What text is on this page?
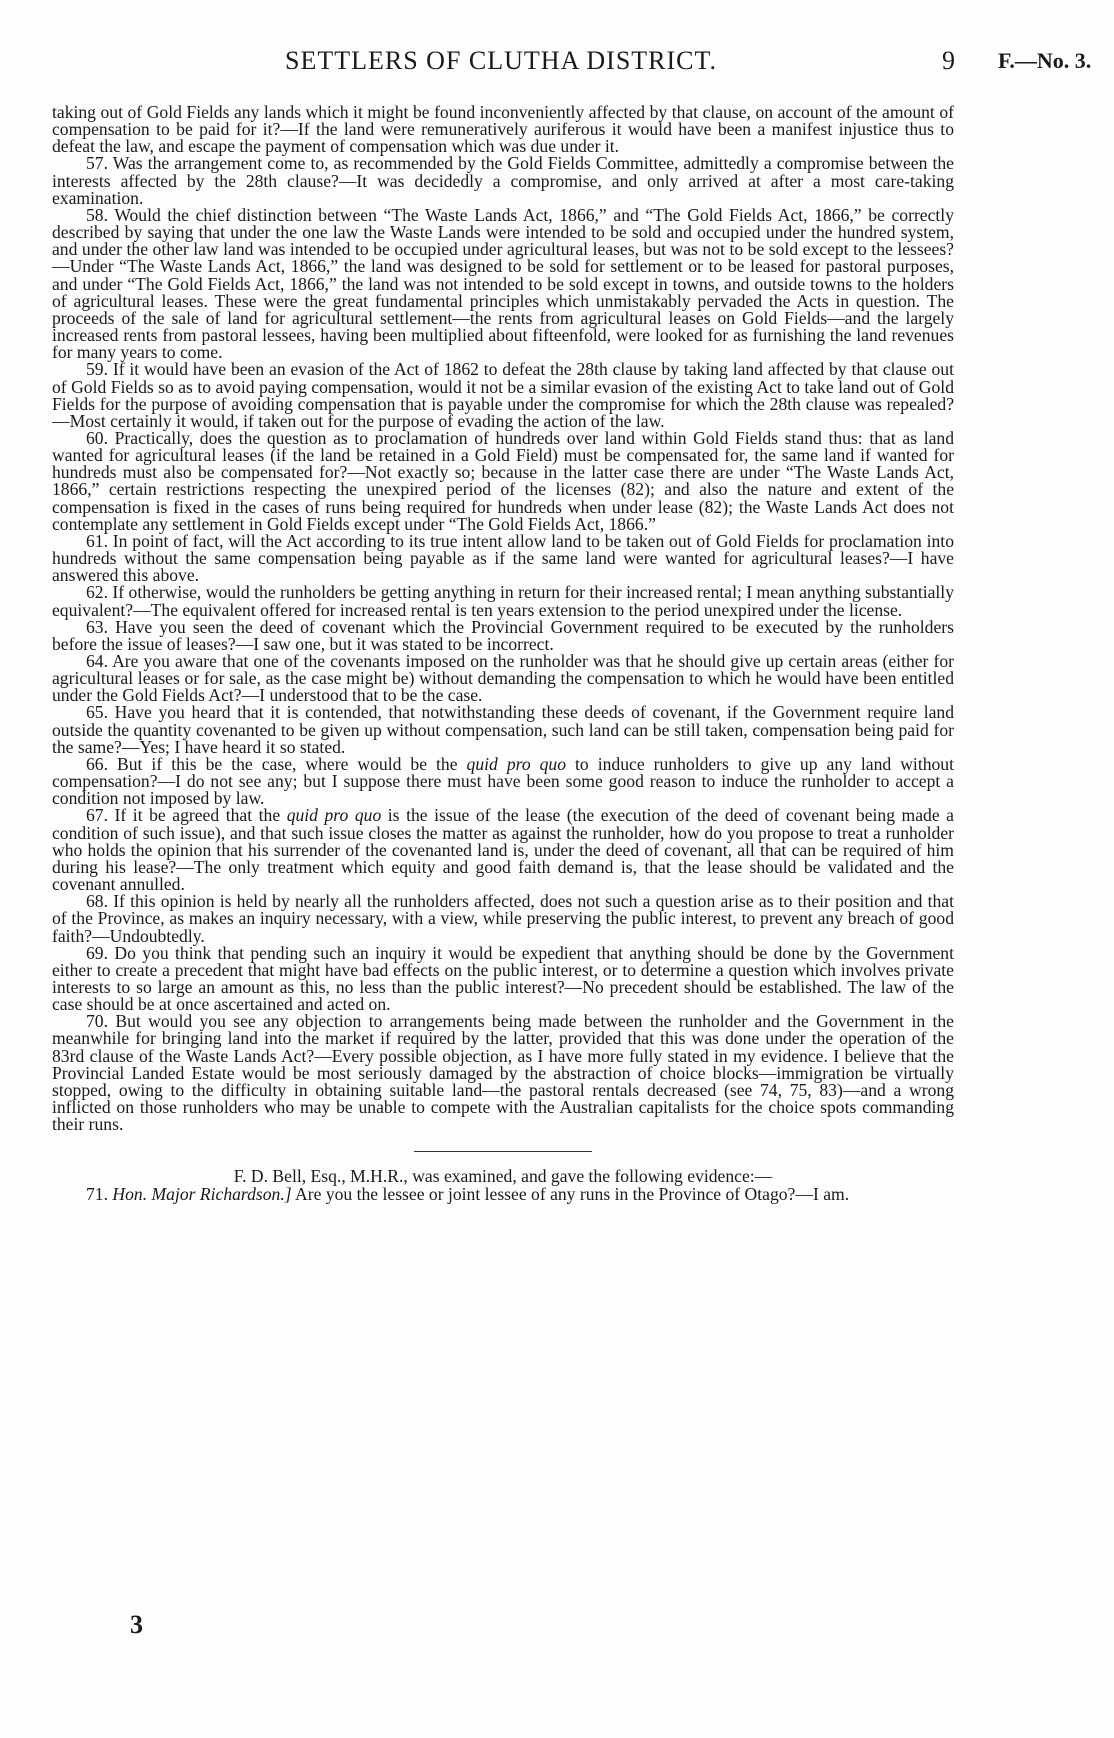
SETTLERS OF CLUTHA DISTRICT.	9 F.—No. 3.

taking out of Gold Fields any lands which it might be found inconveniently affected by that clause, on account of the amount of compensation to be paid for it?—If the land were remuneratively auriferous it would have been a manifest injustice thus to defeat the law, and escape the payment of compensation which was due under it.

57. Was the arrangement come to, as recommended by the Gold Fields Committee, admittedly a compromise between the interests affected by the 28th clause?—It was decidedly a compromise, and only arrived at after a most care-taking examination.

58. Would the chief distinction between “The Waste Lands Act, 1866,” and “The Gold Fields Act, 1866,” be correctly described by saying that under the one law the Waste Lands were intended to be sold and occupied under the hundred system, and under the other law land was intended to be occupied under agricultural leases, but was not to be sold except to the lessees?—Under “The Waste Lands Act, 1866,” the land was designed to be sold for settlement or to be leased for pastoral purposes, and under “The Gold Fields Act, 1866,” the land was not intended to be sold except in towns, and outside towns to the holders of agricultural leases. These were the great fundamental principles which unmistakably pervaded the Acts in question. The proceeds of the sale of land for agricultural settlement—the rents from agricultural leases on Gold Fields—and the largely increased rents from pastoral lessees, having been multiplied about fifteenfold, were looked for as furnishing the land revenues for many years to come.

59. If it would have been an evasion of the Act of 1862 to defeat the 28th clause by taking land affected by that clause out of Gold Fields so as to avoid paying compensation, would it not be a similar evasion of the existing Act to take land out of Gold Fields for the purpose of avoiding compensation that is payable under the compromise for which the 28th clause was repealed?—Most certainly it would, if taken out for the purpose of evading the action of the law.

60. Practically, does the question as to proclamation of hundreds over land within Gold Fields stand thus: that as land wanted for agricultural leases (if the land be retained in a Gold Field) must be compensated for, the same land if wanted for hundreds must also be compensated for?—Not exactly so; because in the latter case there are under “The Waste Lands Act, 1866,” certain restrictions respecting the unexpired period of the licenses (82); and also the nature and extent of the compensation is fixed in the cases of runs being required for hundreds when under lease (82); the Waste Lands Act does not contemplate any settlement in Gold Fields except under “The Gold Fields Act, 1866.”

61. In point of fact, will the Act according to its true intent allow land to be taken out of Gold Fields for proclamation into hundreds without the same compensation being payable as if the same land were wanted for agricultural leases?—I have answered this above.

62. If otherwise, would the runholders be getting anything in return for their increased rental; I mean anything substantially equivalent?—The equivalent offered for increased rental is ten years extension to the period unexpired under the license.

63. Have you seen the deed of covenant which the Provincial Government required to be executed by the runholders before the issue of leases?—I saw one, but it was stated to be incorrect.

64. Are you aware that one of the covenants imposed on the runholder was that he should give up certain areas (either for agricultural leases or for sale, as the case might be) without demanding the compensation to which he would have been entitled under the Gold Fields Act?—I understood that to be the case.

65. Have you heard that it is contended, that notwithstanding these deeds of covenant, if the Government require land outside the quantity covenanted to be given up without compensation, such land can be still taken, compensation being paid for the same?—Yes; I have heard it so stated.

66. But if this be the case, where would be the quid pro quo to induce runholders to give up any land without compensation?—I do not see any; but I suppose there must have been some good reason to induce the runholder to accept a condition not imposed by law.

67. If it be agreed that the quid pro quo is the issue of the lease (the execution of the deed of covenant being made a condition of such issue), and that such issue closes the matter as against the runholder, how do you propose to treat a runholder who holds the opinion that his surrender of the covenanted land is, under the deed of covenant, all that can be required of him during his lease?—The only treatment which equity and good faith demand is, that the lease should be validated and the covenant annulled.

68. If this opinion is held by nearly all the runholders affected, does not such a question arise as to their position and that of the Province, as makes an inquiry necessary, with a view, while preserving the public interest, to prevent any breach of good faith?—Undoubtedly.

69. Do you think that pending such an inquiry it would be expedient that anything should be done by the Government either to create a precedent that might have bad effects on the public interest, or to determine a question which involves private interests to so large an amount as this, no less than the public interest?—No precedent should be established. The law of the case should be at once ascertained and acted on.

70. But would you see any objection to arrangements being made between the runholder and the Government in the meanwhile for bringing land into the market if required by the latter, provided that this was done under the operation of the 83rd clause of the Waste Lands Act?—Every possible objection, as I have more fully stated in my evidence. I believe that the Provincial Landed Estate would be most seriously damaged by the abstraction of choice blocks—immigration be virtually stopped, owing to the difficulty in obtaining suitable land—the pastoral rentals decreased (see 74, 75, 83)—and a wrong inflicted on those runholders who may be unable to compete with the Australian capitalists for the choice spots commanding their runs.

F. D. Bell, Esq., M.H.R., was examined, and gave the following evidence:—

71. Hon. Major Richardson.] Are you the lessee or joint lessee of any runs in the Province of Otago?—I am.

3
